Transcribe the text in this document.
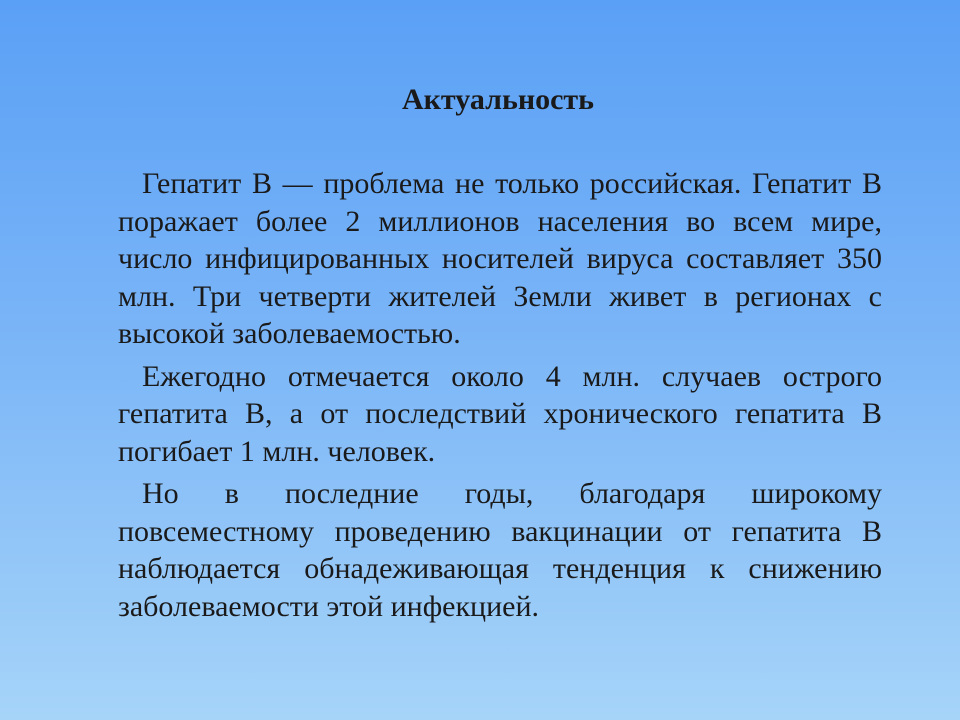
Актуальность

Гепатит В — проблема не только российская. Гепатит В поражает более 2 миллионов населения во всем мире, число инфицированных носителей вируса составляет 350 млн. Три четверти жителей Земли живет в регионах с высокой заболеваемостью.

Ежегодно отмечается около 4 млн. случаев острого гепатита В, а от последствий хронического гепатита В погибает 1 млн. человек.

Но в последние годы, благодаря широкому повсеместному проведению вакцинации от гепатита В наблюдается обнадеживающая тенденция к снижению заболеваемости этой инфекцией.
